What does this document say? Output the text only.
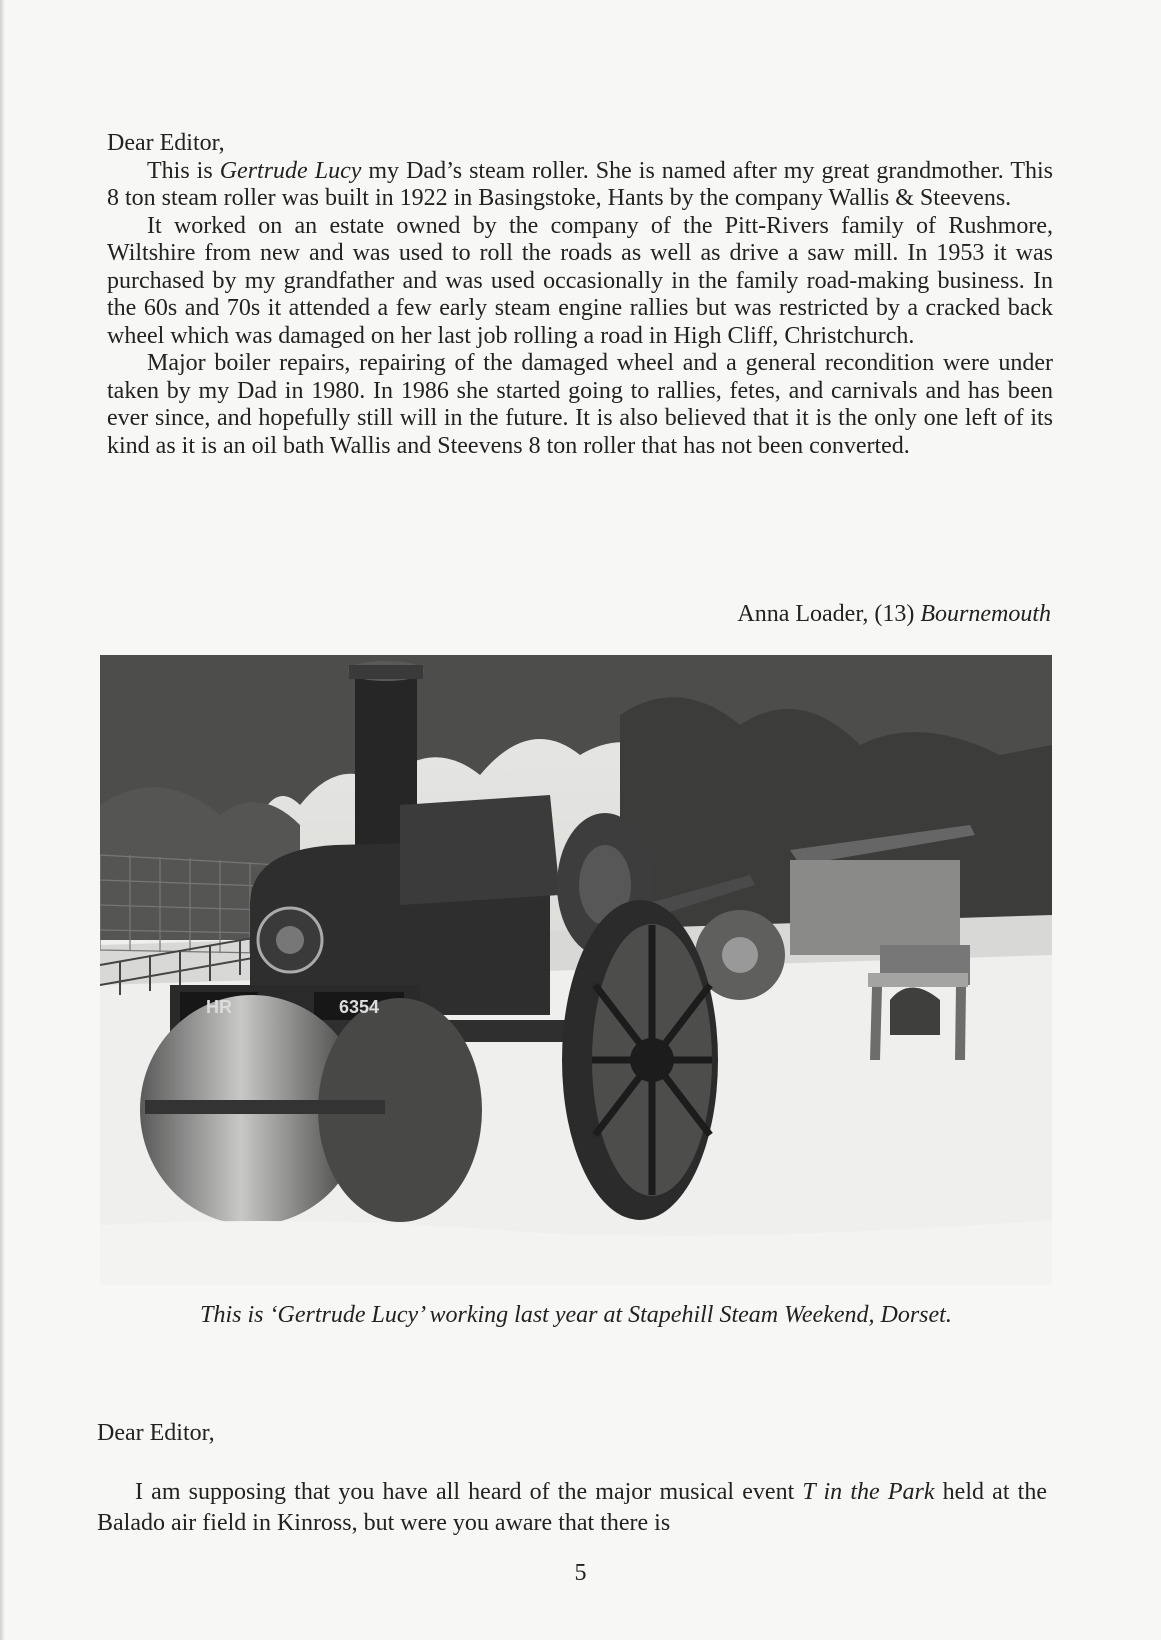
Dear Editor,

This is Gertrude Lucy my Dad’s steam roller. She is named after my great grandmother. This 8 ton steam roller was built in 1922 in Basingstoke, Hants by the company Wallis & Steevens.

It worked on an estate owned by the company of the Pitt-Rivers family of Rushmore, Wiltshire from new and was used to roll the roads as well as drive a saw mill. In 1953 it was purchased by my grandfather and was used occasionally in the family road-making business. In the 60s and 70s it attended a few early steam engine rallies but was restricted by a cracked back wheel which was damaged on her last job rolling a road in High Cliff, Christchurch.

Major boiler repairs, repairing of the damaged wheel and a general recondition were under taken by my Dad in 1980. In 1986 she started going to rallies, fetes, and carnivals and has been ever since, and hopefully still will in the future. It is also believed that it is the only one left of its kind as it is an oil bath Wallis and Steevens 8 ton roller that has not been converted.

Anna Loader, (13) Bournemouth
HR	6354
This is ‘Gertrude Lucy’ working last year at Stapehill Steam Weekend, Dorset.

Dear Editor,

I am supposing that you have all heard of the major musical event T in the Park held at the Balado air field in Kinross, but were you aware that there is

5
